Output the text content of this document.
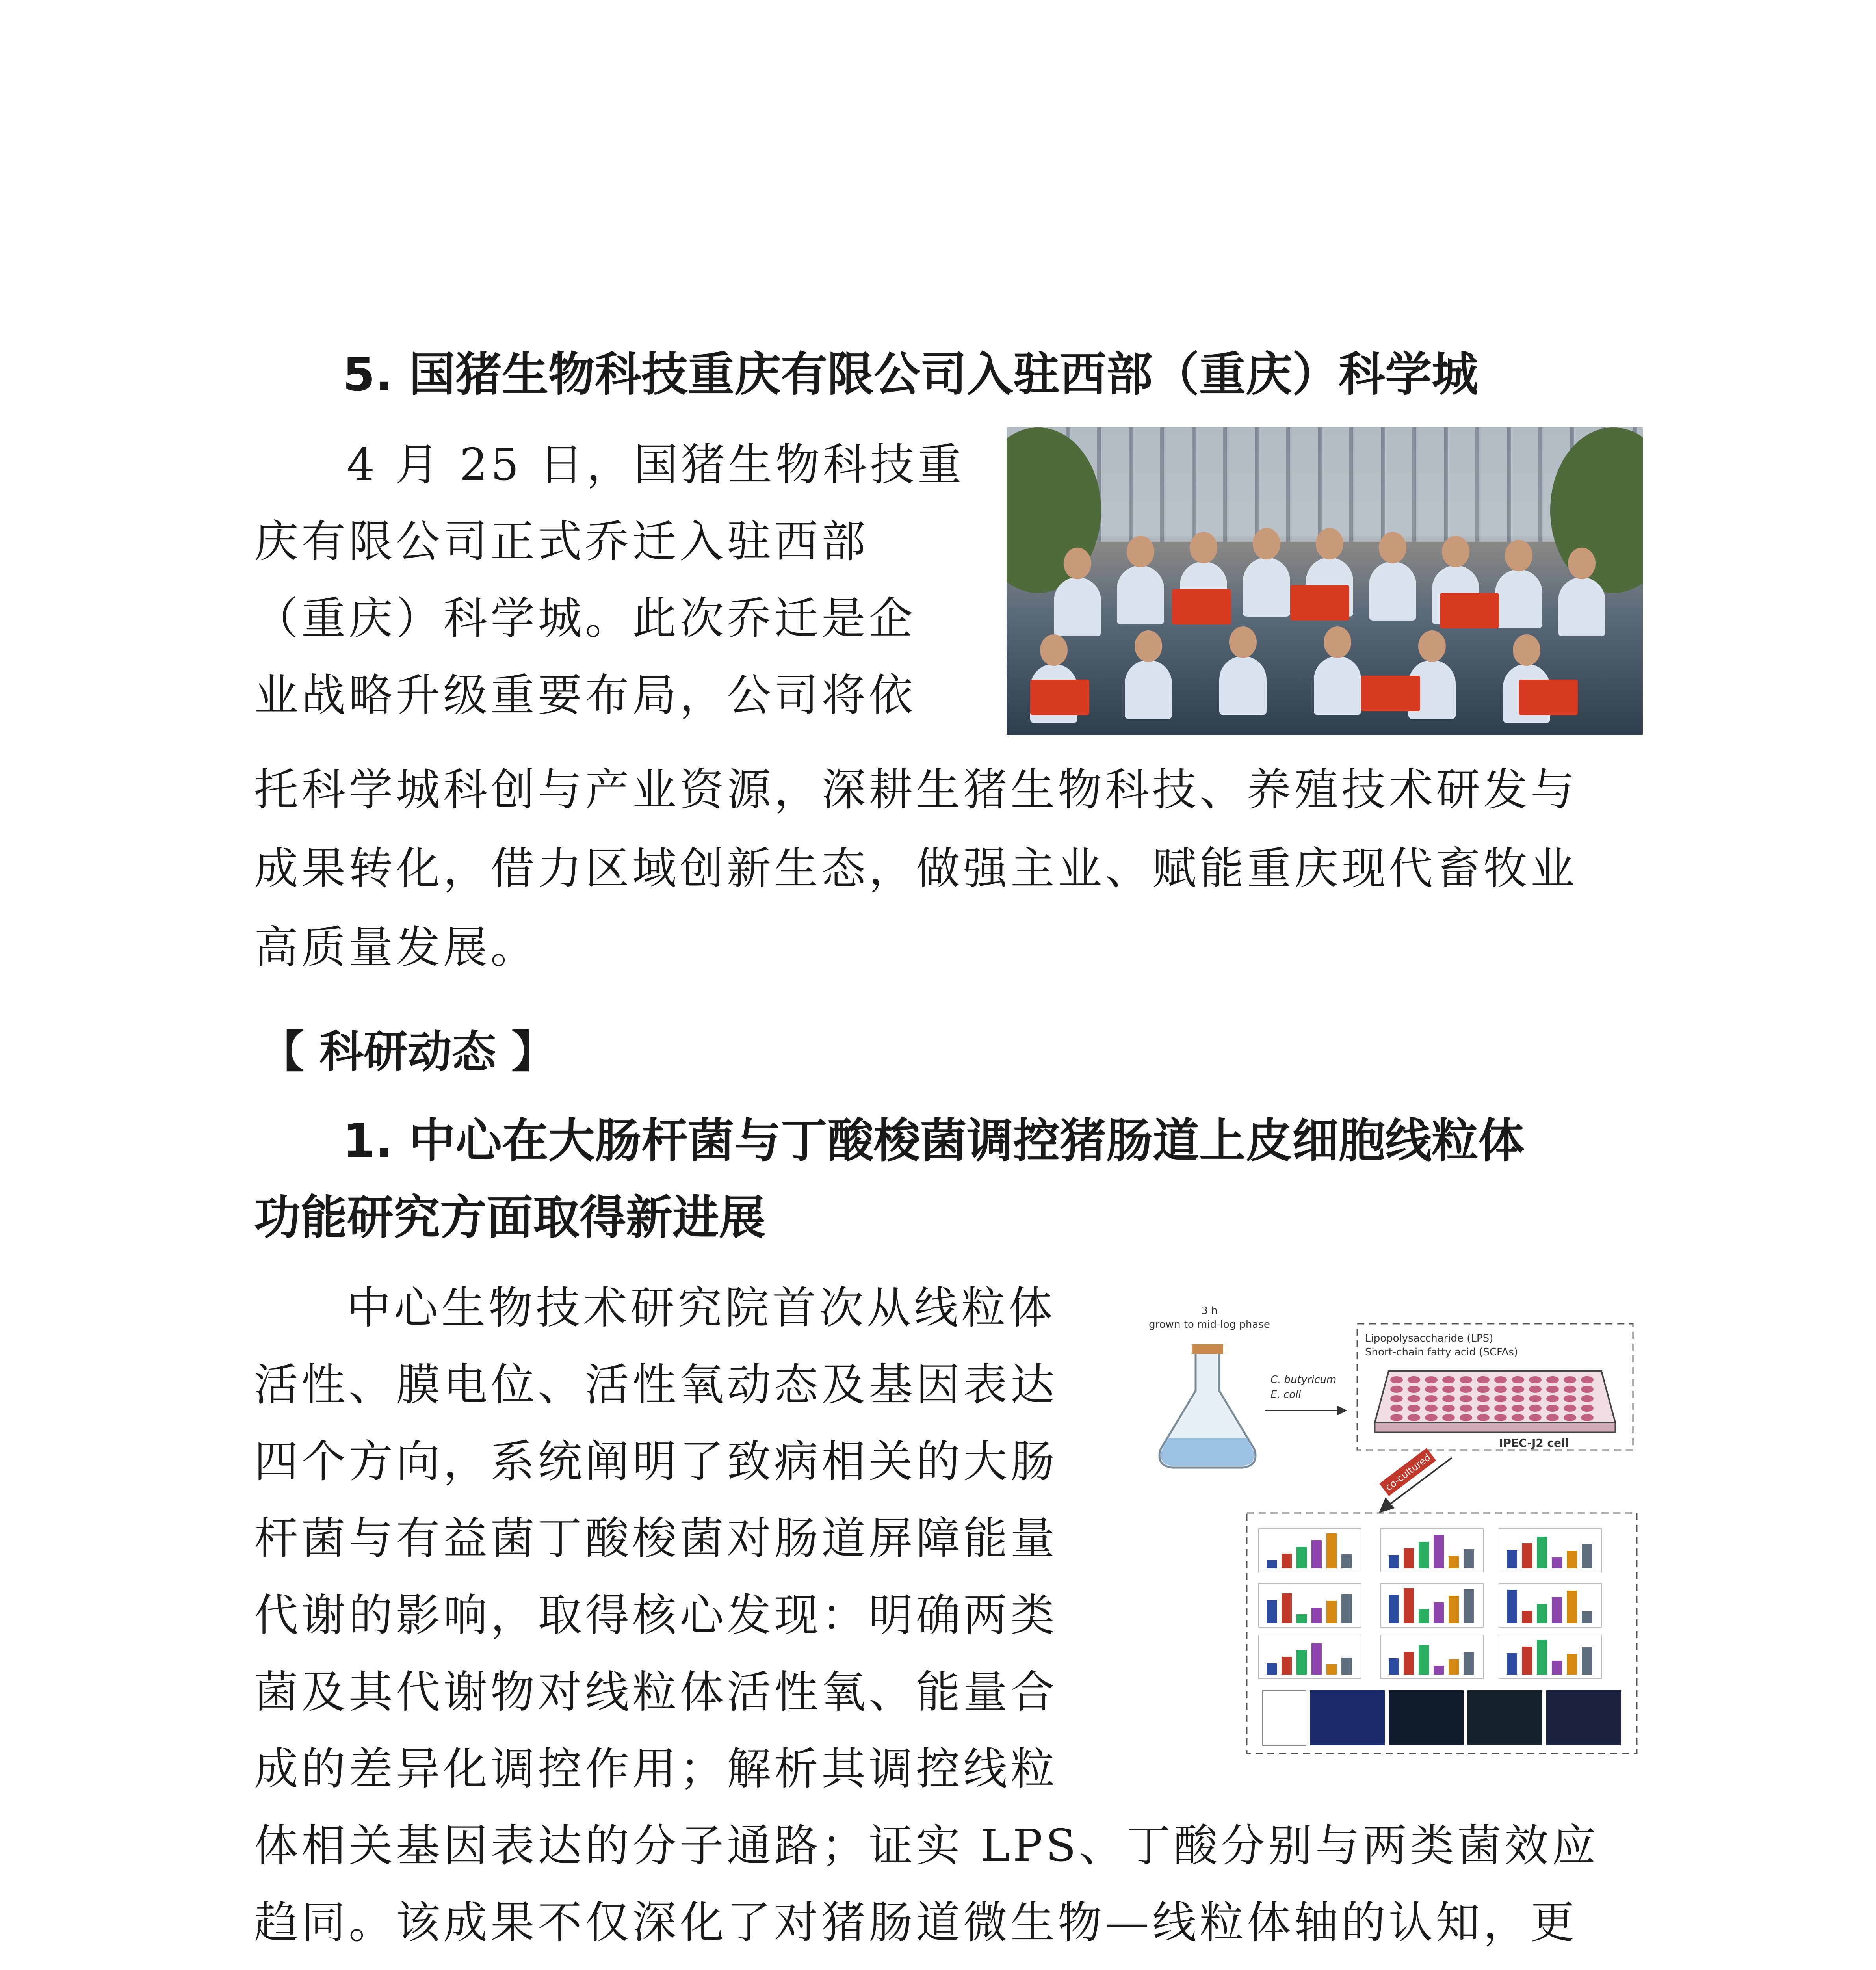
5. 国猪生物科技重庆有限公司入驻西部（重庆）科学城
4 月 25 日，国猪生物科技重
庆有限公司正式乔迁入驻西部
（重庆）科学城。此次乔迁是企
业战略升级重要布局，公司将依
托科学城科创与产业资源，深耕生猪生物科技、养殖技术研发与
成果转化，借力区域创新生态，做强主业、赋能重庆现代畜牧业
高质量发展。
【 科研动态 】
1. 中心在大肠杆菌与丁酸梭菌调控猪肠道上皮细胞线粒体
功能研究方面取得新进展
中心生物技术研究院首次从线粒体
活性、膜电位、活性氧动态及基因表达
四个方向，系统阐明了致病相关的大肠
杆菌与有益菌丁酸梭菌对肠道屏障能量
代谢的影响，取得核心发现：明确两类
菌及其代谢物对线粒体活性氧、能量合
成的差异化调控作用；解析其调控线粒
体相关基因表达的分子通路；证实 LPS、丁酸分别与两类菌效应
趋同。该成果不仅深化了对猪肠道微生物—线粒体轴的认知，更
3 h
grown to mid-log phase
C. butyricum
E. coli
Lipopolysaccharide (LPS)
Short-chain fatty acid (SCFAs)
IPEC-J2 cell
co-cultured
